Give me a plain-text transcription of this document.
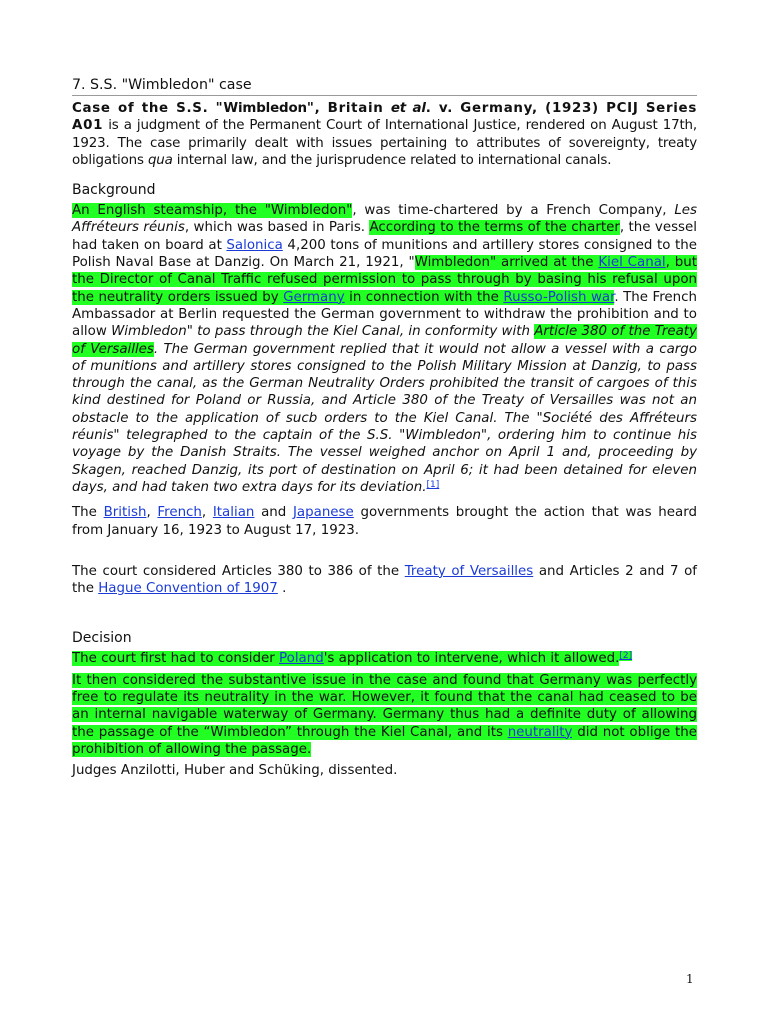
7. S.S. "Wimbledon" case

Case of the S.S. "Wimbledon", Britain et al. v. Germany, (1923) PCIJ Series A01 is a judgment of the Permanent Court of International Justice, rendered on August 17th, 1923. The case primarily dealt with issues pertaining to attributes of sovereignty, treaty obligations qua internal law, and the jurisprudence related to international canals.

Background

An English steamship, the "Wimbledon", was time-chartered by a French Company, Les Affréteurs réunis, which was based in Paris. According to the terms of the charter, the vessel had taken on board at Salonica 4,200 tons of munitions and artillery stores consigned to the Polish Naval Base at Danzig. On March 21, 1921, "Wimbledon" arrived at the Kiel Canal, but the Director of Canal Traffic refused permission to pass through by basing his refusal upon the neutrality orders issued by Germany in connection with the Russo-Polish war. The French Ambassador at Berlin requested the German government to withdraw the prohibition and to allow Wimbledon" to pass through the Kiel Canal, in conformity with Article 380 of the Treaty of Versailles. The German government replied that it would not allow a vessel with a cargo of munitions and artillery stores consigned to the Polish Military Mission at Danzig, to pass through the canal, as the German Neutrality Orders prohibited the transit of cargoes of this kind destined for Poland or Russia, and Article 380 of the Treaty of Versailles was not an obstacle to the application of sucb orders to the Kiel Canal. The "Société des Affréteurs réunis" telegraphed to the captain of the S.S. "Wimbledon", ordering him to continue his voyage by the Danish Straits. The vessel weighed anchor on April 1 and, proceeding by Skagen, reached Danzig, its port of destination on April 6; it had been detained for eleven days, and had taken two extra days for its deviation.[1]

The British, French, Italian and Japanese governments brought the action that was heard from January 16, 1923 to August 17, 1923.

The court considered Articles 380 to 386 of the Treaty of Versailles and Articles 2 and 7 of the Hague Convention of 1907 .

Decision

The court first had to consider Poland's application to intervene, which it allowed.[2]

It then considered the substantive issue in the case and found that Germany was perfectly free to regulate its neutrality in the war. However, it found that the canal had ceased to be an internal navigable waterway of Germany. Germany thus had a definite duty of allowing the passage of the “Wimbledon” through the Kiel Canal, and its neutrality did not oblige the prohibition of allowing the passage.

Judges Anzilotti, Huber and Schüking, dissented.

1
